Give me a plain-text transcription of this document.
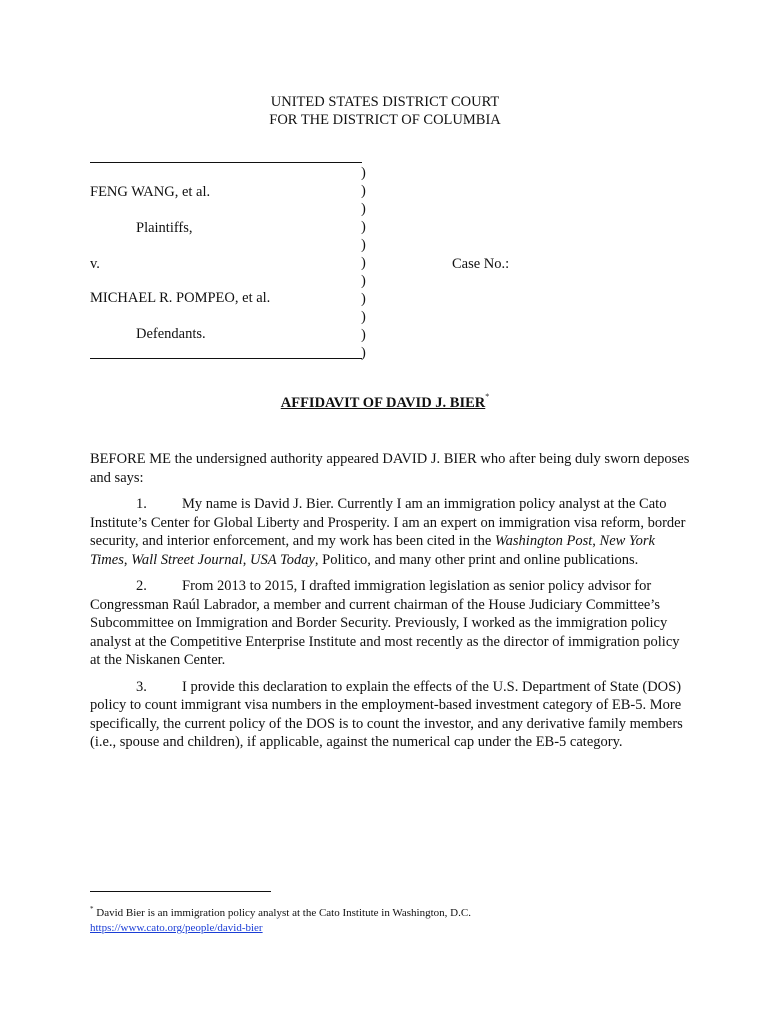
UNITED STATES DISTRICT COURT
FOR THE DISTRICT OF COLUMBIA
)
)
)
)
)
)
)
)
)
)
)
FENG WANG, et al.
Plaintiffs,
v.
MICHAEL R. POMPEO, et al.
Defendants.
Case No.:
AFFIDAVIT OF DAVID J. BIER*
BEFORE ME the undersigned authority appeared DAVID J. BIER who after being duly sworn deposes and says:
1. My name is David J. Bier. Currently I am an immigration policy analyst at the Cato Institute’s Center for Global Liberty and Prosperity. I am an expert on immigration visa reform, border security, and interior enforcement, and my work has been cited in the Washington Post, New York Times, Wall Street Journal, USA Today, Politico, and many other print and online publications.
2. From 2013 to 2015, I drafted immigration legislation as senior policy advisor for Congressman Raúl Labrador, a member and current chairman of the House Judiciary Committee’s Subcommittee on Immigration and Border Security. Previously, I worked as the immigration policy analyst at the Competitive Enterprise Institute and most recently as the director of immigration policy at the Niskanen Center.
3. I provide this declaration to explain the effects of the U.S. Department of State (DOS) policy to count immigrant visa numbers in the employment-based investment category of EB-5. More specifically, the current policy of the DOS is to count the investor, and any derivative family members (i.e., spouse and children), if applicable, against the numerical cap under the EB-5 category.
* David Bier is an immigration policy analyst at the Cato Institute in Washington, D.C.
https://www.cato.org/people/david-bier
